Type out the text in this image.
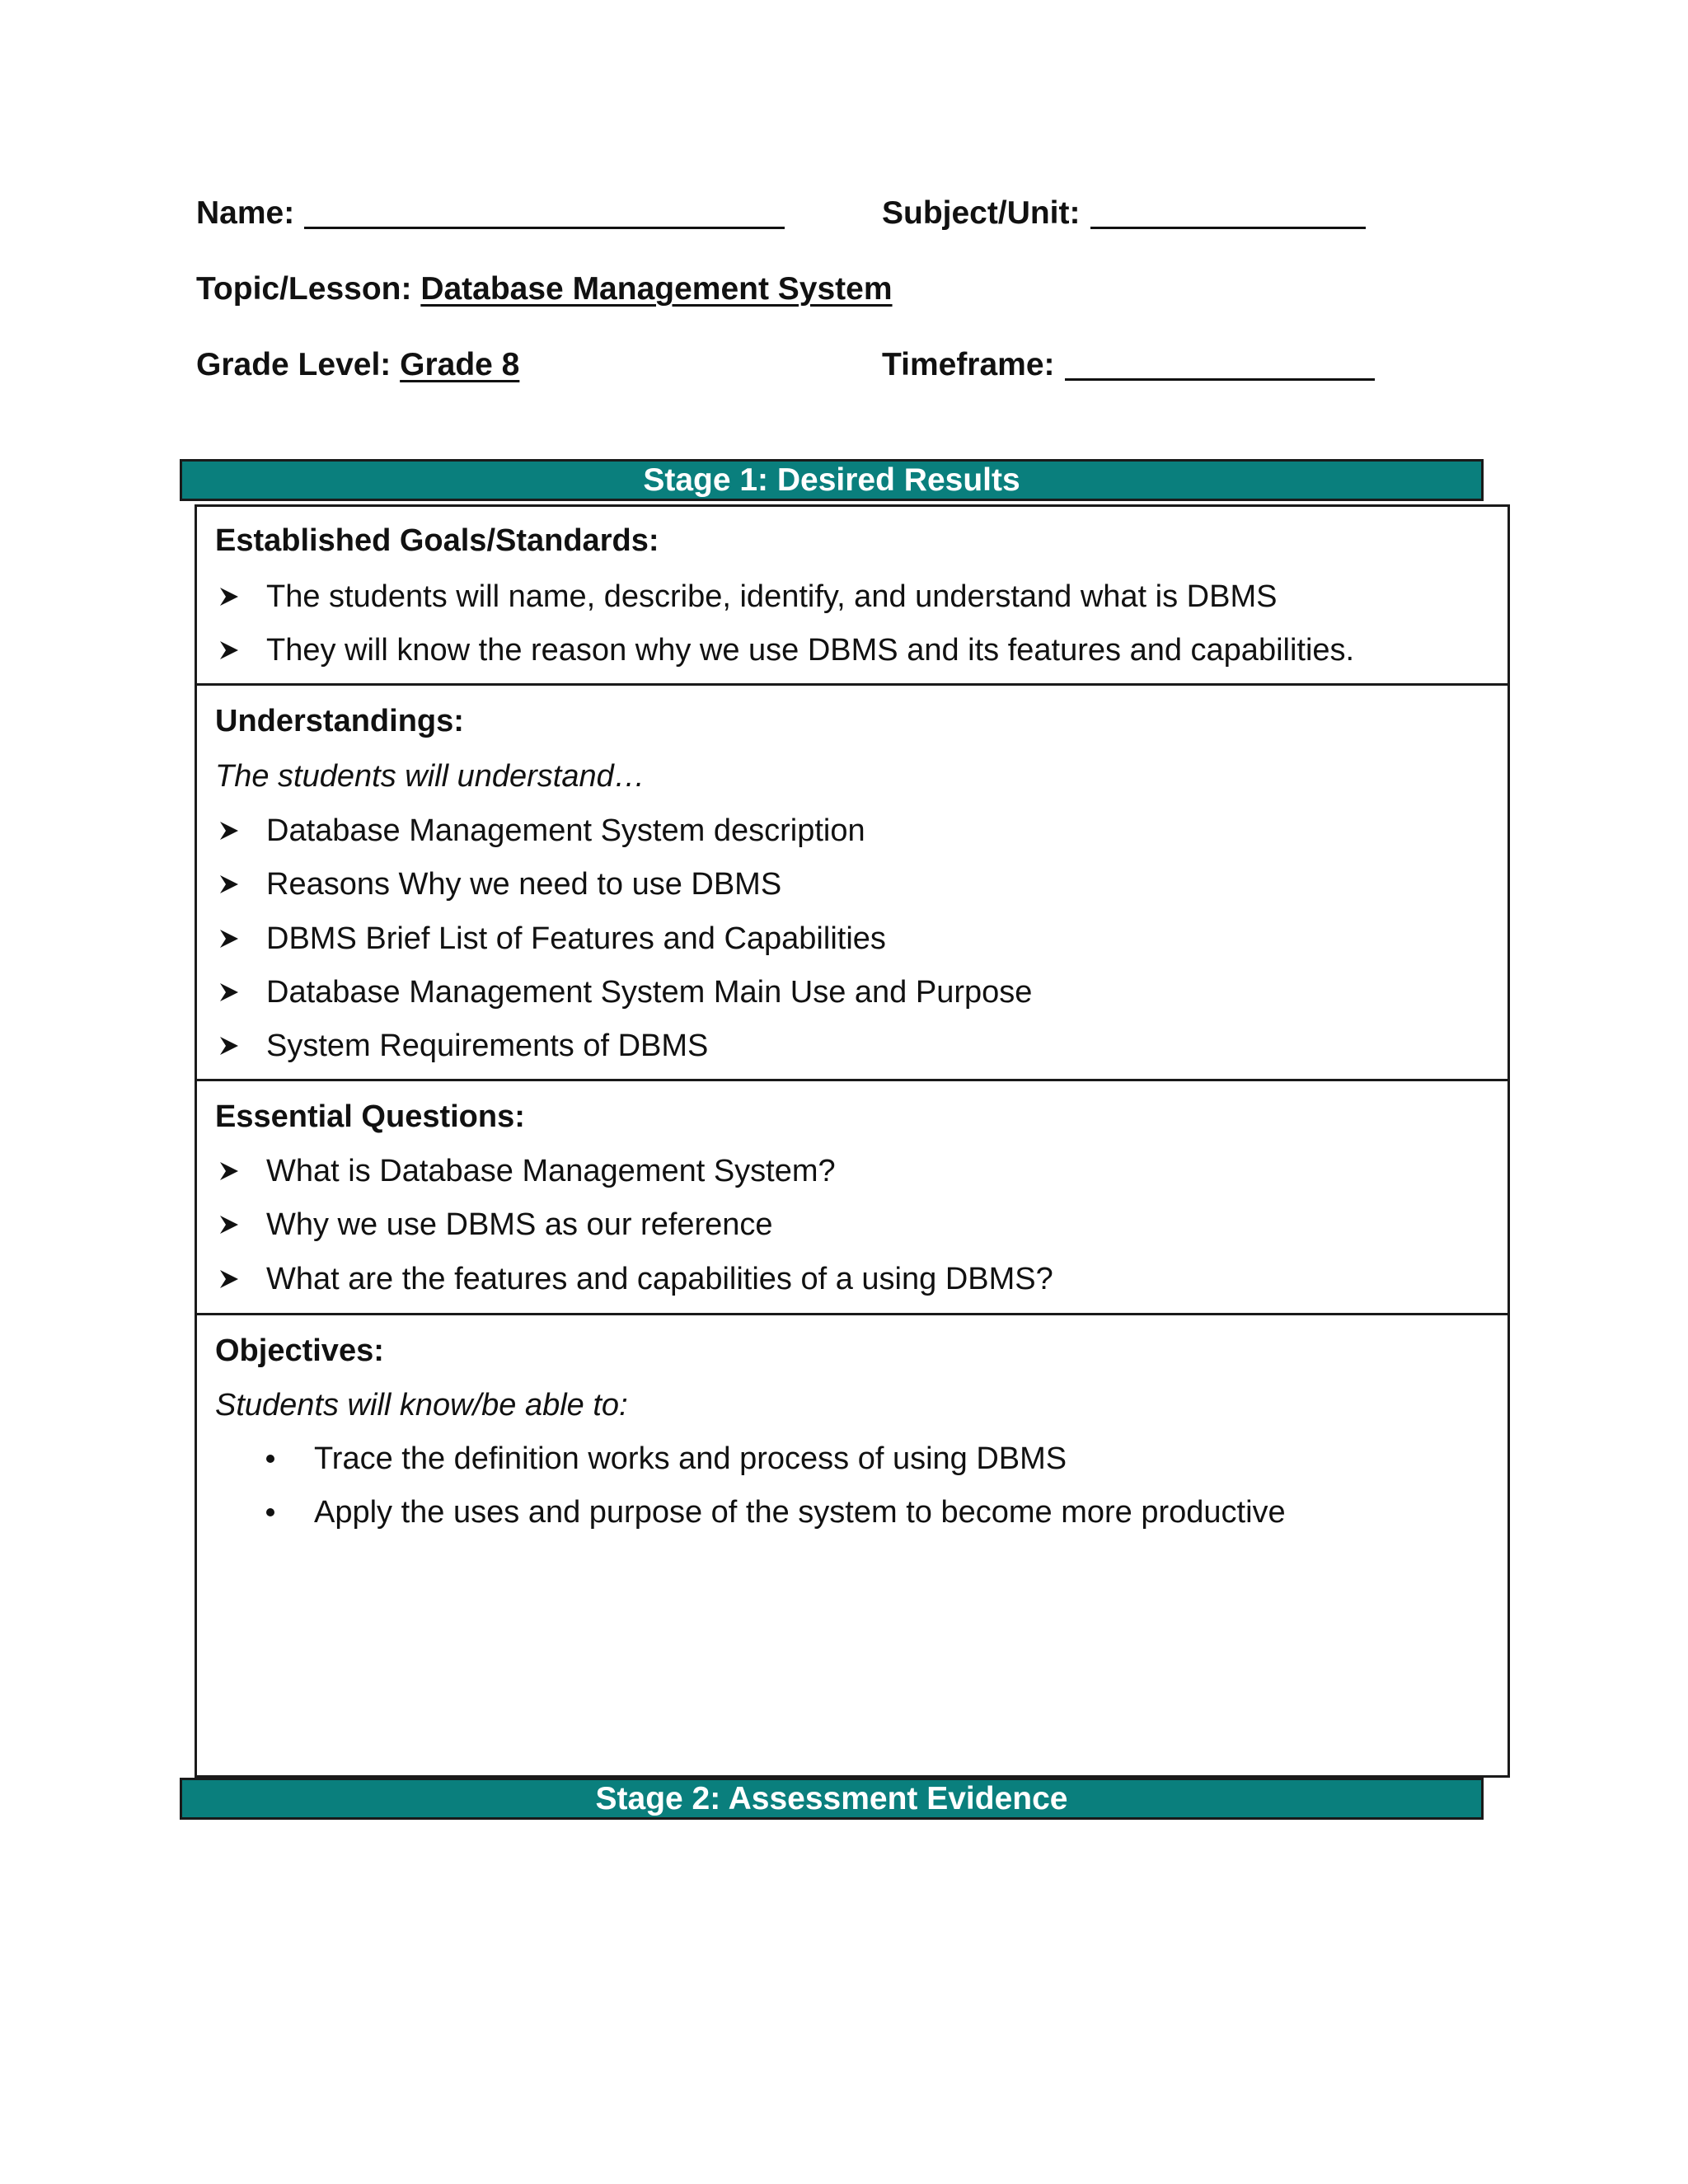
Name:	Subject/Unit:
Topic/Lesson: Database Management System
Grade Level: Grade 8	Timeframe:
Stage 1: Desired Results
Established Goals/Standards:
The students will name, describe, identify, and understand what is DBMS
They will know the reason why we use DBMS and its features and capabilities.
Understandings:
The students will understand…
Database Management System description
Reasons Why we need to use DBMS
DBMS Brief List of Features and Capabilities
Database Management System Main Use and Purpose
System Requirements of DBMS
Essential Questions:
What is Database Management System?
Why we use DBMS as our reference
What are the features and capabilities of a using DBMS?
Objectives:
Students will know/be able to:
Trace the definition works and process of using DBMS
Apply the uses and purpose of the system to become more productive
Stage 2: Assessment Evidence
